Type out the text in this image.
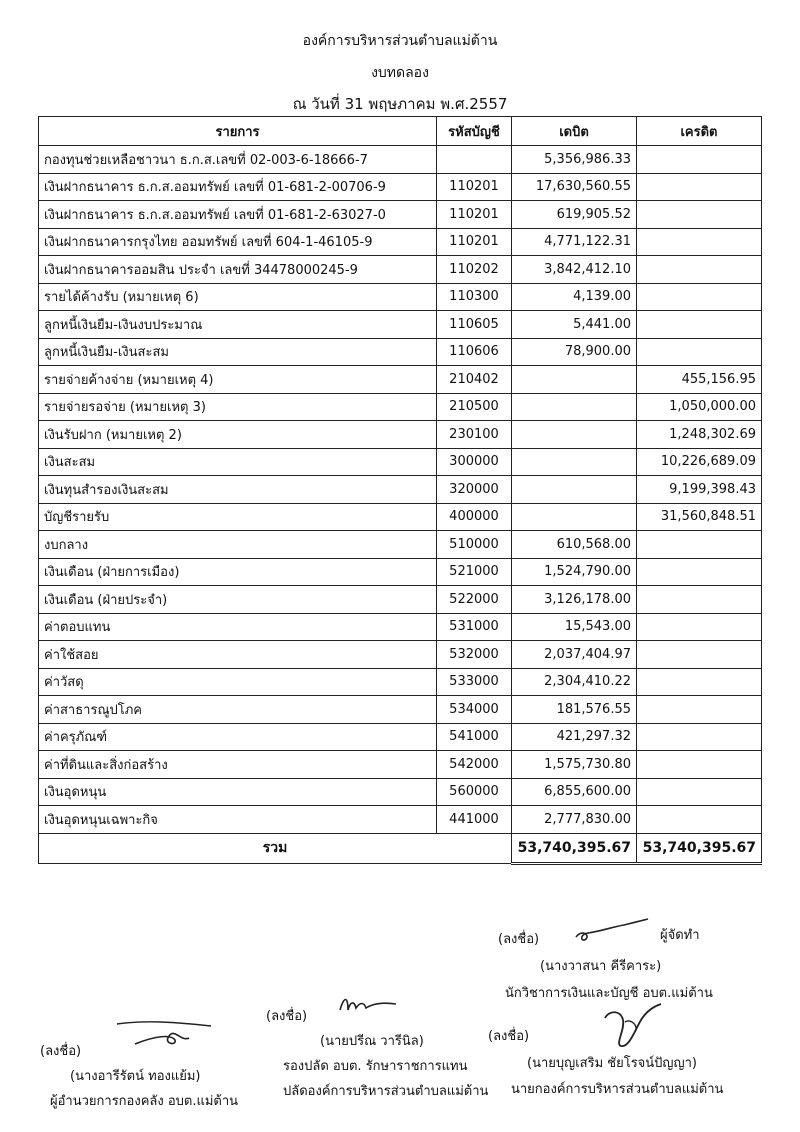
องค์การบริหารส่วนตำบลแม่ต้าน
งบทดลอง
ณ วันที่ 31 พฤษภาคม พ.ศ.2557
รายการ	รหัสบัญชี	เดบิต	เครดิต
กองทุนช่วยเหลือชาวนา ธ.ก.ส.เลขที่ 02-003-6-18666-7		5,356,986.33	
เงินฝากธนาคาร ธ.ก.ส.ออมทรัพย์ เลขที่ 01-681-2-00706-9	110201	17,630,560.55	
เงินฝากธนาคาร ธ.ก.ส.ออมทรัพย์ เลขที่ 01-681-2-63027-0	110201	619,905.52	
เงินฝากธนาคารกรุงไทย ออมทรัพย์ เลขที่ 604-1-46105-9	110201	4,771,122.31	
เงินฝากธนาคารออมสิน ประจำ เลขที่ 34478000245-9	110202	3,842,412.10	
รายได้ค้างรับ (หมายเหตุ 6)	110300	4,139.00	
ลูกหนี้เงินยืม-เงินงบประมาณ	110605	5,441.00	
ลูกหนี้เงินยืม-เงินสะสม	110606	78,900.00	
รายจ่ายค้างจ่าย (หมายเหตุ 4)	210402		455,156.95
รายจ่ายรอจ่าย (หมายเหตุ 3)	210500		1,050,000.00
เงินรับฝาก (หมายเหตุ 2)	230100		1,248,302.69
เงินสะสม	300000		10,226,689.09
เงินทุนสำรองเงินสะสม	320000		9,199,398.43
บัญชีรายรับ	400000		31,560,848.51
งบกลาง	510000	610,568.00	
เงินเดือน (ฝ่ายการเมือง)	521000	1,524,790.00	
เงินเดือน (ฝ่ายประจำ)	522000	3,126,178.00	
ค่าตอบแทน	531000	15,543.00	
ค่าใช้สอย	532000	2,037,404.97	
ค่าวัสดุ	533000	2,304,410.22	
ค่าสาธารณูปโภค	534000	181,576.55	
ค่าครุภัณฑ์	541000	421,297.32	
ค่าที่ดินและสิ่งก่อสร้าง	542000	1,575,730.80	
เงินอุดหนุน	560000	6,855,600.00	
เงินอุดหนุนเฉพาะกิจ	441000	2,777,830.00	
รวม		53,740,395.67	53,740,395.67
(ลงชื่อ)	ผู้จัดทำ
(นางวาสนา คีรีคาระ)
นักวิชาการเงินและบัญชี อบต.แม่ต้าน
(ลงชื่อ)
(นางอารีรัตน์ ทองแย้ม)
ผู้อำนวยการกองคลัง อบต.แม่ต้าน
(ลงชื่อ)
(นายปรีณ วารีนิล)
รองปลัด อบต. รักษาราชการแทน
ปลัดองค์การบริหารส่วนตำบลแม่ต้าน
(ลงชื่อ)
(นายบุญเสริม ชัยโรจน์ปัญญา)
นายกองค์การบริหารส่วนตำบลแม่ต้าน
